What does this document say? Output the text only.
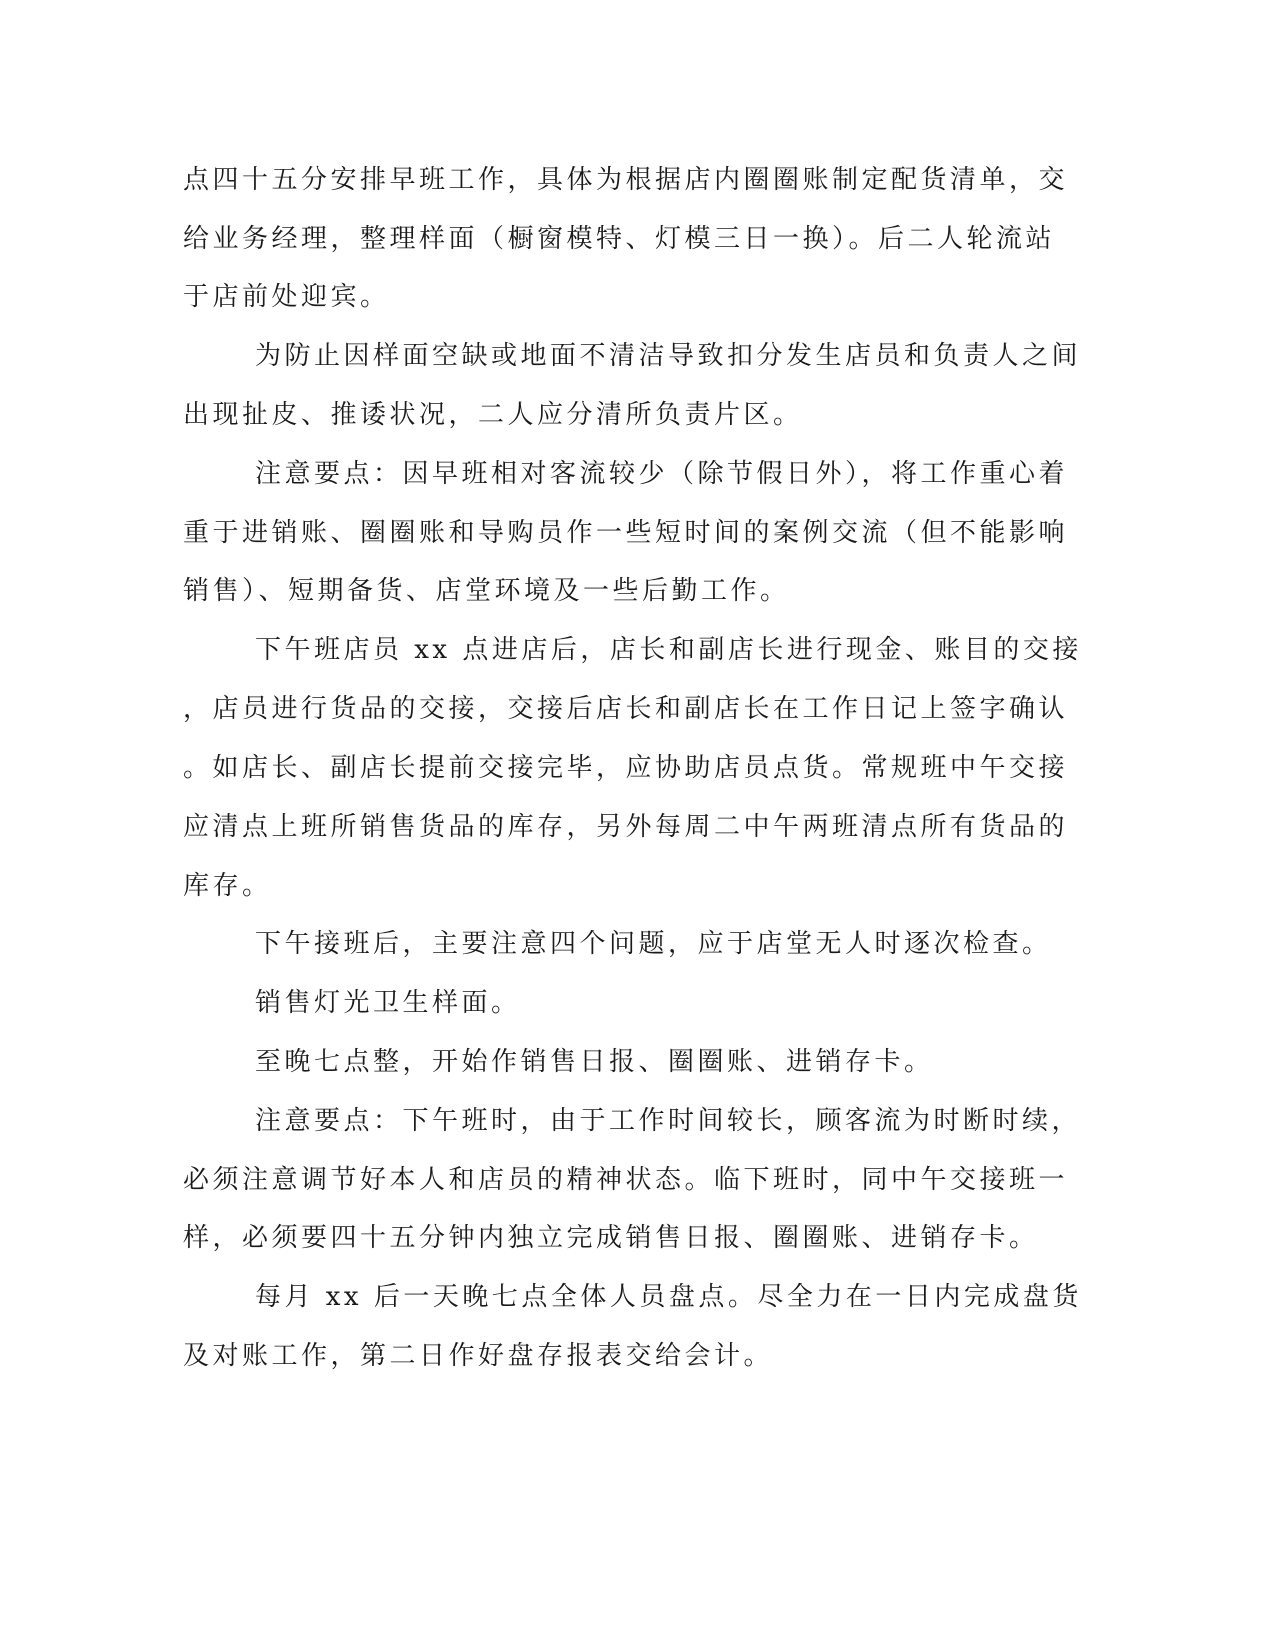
点四十五分安排早班工作，具体为根据店内圈圈账制定配货清单，交
给业务经理，整理样面（橱窗模特、灯模三日一换）。后二人轮流站
于店前处迎宾。
为防止因样面空缺或地面不清洁导致扣分发生店员和负责人之间
出现扯皮、推诿状况，二人应分清所负责片区。
注意要点：因早班相对客流较少（除节假日外），将工作重心着
重于进销账、圈圈账和导购员作一些短时间的案例交流（但不能影响
销售）、短期备货、店堂环境及一些后勤工作。
下午班店员 xx 点进店后，店长和副店长进行现金、账目的交接
，店员进行货品的交接，交接后店长和副店长在工作日记上签字确认
。如店长、副店长提前交接完毕，应协助店员点货。常规班中午交接
应清点上班所销售货品的库存，另外每周二中午两班清点所有货品的
库存。
下午接班后，主要注意四个问题，应于店堂无人时逐次检查。
销售灯光卫生样面。
至晚七点整，开始作销售日报、圈圈账、进销存卡。
注意要点：下午班时，由于工作时间较长，顾客流为时断时续，
必须注意调节好本人和店员的精神状态。临下班时，同中午交接班一
样，必须要四十五分钟内独立完成销售日报、圈圈账、进销存卡。
每月 xx 后一天晚七点全体人员盘点。尽全力在一日内完成盘货
及对账工作，第二日作好盘存报表交给会计。
